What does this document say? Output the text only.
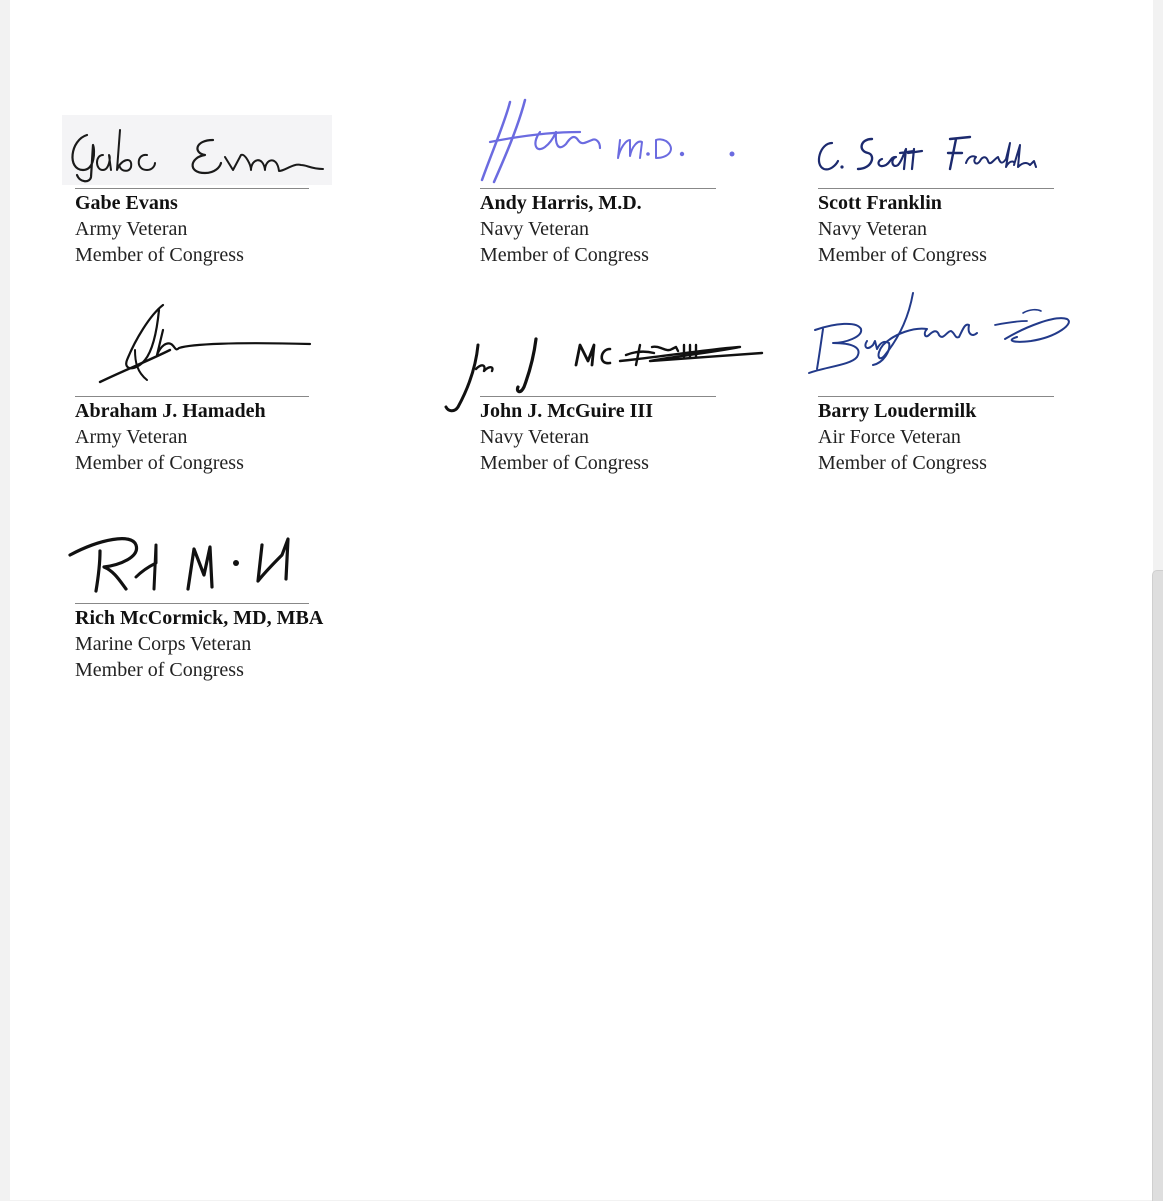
Gabe Evans
Army Veteran
Member of Congress
Andy Harris, M.D.
Navy Veteran
Member of Congress
Scott Franklin
Navy Veteran
Member of Congress
Abraham J. Hamadeh
Army Veteran
Member of Congress
John J. McGuire III
Navy Veteran
Member of Congress
Barry Loudermilk
Air Force Veteran
Member of Congress
Rich McCormick, MD, MBA
Marine Corps Veteran
Member of Congress
